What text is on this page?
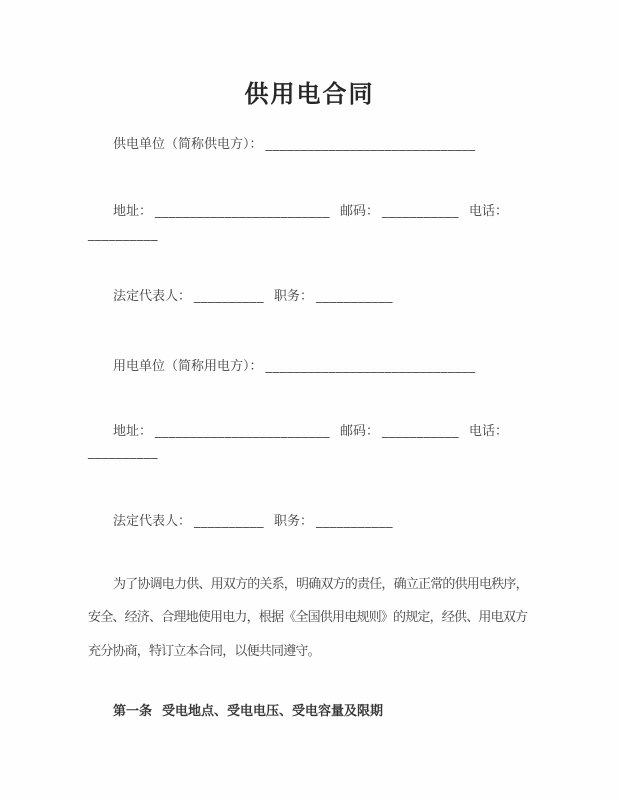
供用电合同
供电单位（简称供电方）： ______________________________
地址： _________________________ 邮码： ___________ 电话：
__________
法定代表人： __________ 职务： ___________
用电单位（简称用电方）： ______________________________
地址： _________________________ 邮码： ___________ 电话：
__________
法定代表人： __________ 职务： ___________
为了协调电力供、用双方的关系，明确双方的责任，确立正常的供用电秩序，
安全、经济、合理地使用电力，根据《全国供用电规则》的规定，经供、用电双方
充分协商，特订立本合同，以便共同遵守。
第一条 受电地点、受电电压、受电容量及限期
